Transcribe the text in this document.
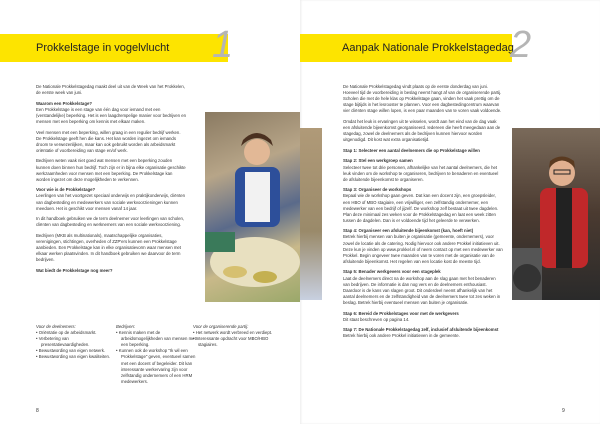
Prokkelstage in vogelvlucht 1

De Nationale Prokkelstagedag maakt deel uit van de Week van het Prokkelen, de eerste week van juni.

Waarom een Prokkelstage?

Een Prokkelstage is een stage van één dag voor iemand met een (verstandelijke) beperking. Het is een laagdrempelige manier voor bedrijven en mensen met een beperking om kennis met elkaar maken.

Veel mensen met een beperking, willen graag in een regulier bedrijf werken. De Prokkelstage geeft hen die kans. Het kan worden ingezet om iemands droom te verwezenlijken, maar kan ook gebruikt worden als arbeidsmarkt oriëntatie of voorbereiding van stage en/of werk.

Bedrijven weten vaak niet goed wat mensen met een beperking zouden kunnen doen binnen hun bedrijf. Toch zijn er in bijna elke organisatie geschikte werkzaamheden voor mensen met een beperking. De Prokkelstage kan worden ingezet om deze mogelijkheden te verkennen.

Voor wie is de Prokkelstage?

Leerlingen van het voortgezet speciaal onderwijs en praktijkonderwijs, cliënten van dagbesteding en medewerkers van sociale werkvoorzieningen kunnen meedoen. Het is geschikt voor mensen vanaf 14 jaar.

In dit handboek gebruiken we de term deelnemer voor leerlingen van scholen, cliënten van dagbesteding en werknemers van een sociale werkvoorziening.

Bedrijven (MKB als multinationals), maatschappelijke organisaties, verenigingen, stichtingen, overheden of ZZP'ers kunnen een Prokkelstage aanbieden. Een Prokkelstage kan in elke organisatievorm waar mensen met elkaar werken plaatsvinden. In dit handboek gebruiken we daarvoor de term bedrijven.

Wat biedt de Prokkelstage nog meer?
Voor de deelnemers:
• Oriëntatie op de arbeidsmarkt.
• Verbetering van presentatievaardigheden.
• Bewustwording van eigen netwerk.
• Bewustwording van eigen kwaliteiten.
Bedrijven:
• Kennis maken met de arbeidsmogelijkheden van mensen met een beperking.
• Kunnen ook de workshop "Ik wil een Prokkelstage" geven, eventueel samen met een docent of begeleider. Dit kan interessante werkervaring zijn voor zelfstandig ondernemers of een HRM medewerkers.
Voor de organiserende partij:
• Het netwerk wordt verbreed en verdiept.
• Interessante opdracht voor MBO/HBO stagiaires.
8
Aanpak Nationale Prokkelstagedag
2

De Nationale Prokkelstagedag vindt plaats op de eerste donderdag van juni. Hoeveel tijd de voorbereiding in beslag neemt hangt af van de organiserende partij. Scholen die met de hele klas op Prokkelstage gaan, vinden het vaak prettig om de stage bijtijds in het lesrooster te plannen. Voor een dagbestedingcentrum waarvan vier cliënten stage willen lopen, is een paar maanden van te voren vaak voldoende.

Omdat het leuk is ervaringen uit te wisselen, wordt aan het eind van de dag vaak een afsluitende bijeenkomst georganiseerd. Iedereen die heeft meegedaan aan de stagedag, zowel de deelnemers als de bedrijven kunnen hiervoor worden uitgenodigd. Dit kost wat extra organisatietijd.

Stap 1: Selecteer een aantal deelnemers die op Prokkelstage willen

Stap 2: Stel een werkgroep samen

Selecteer twee tot drie personen, afhankelijke van het aantal deelnemers, die het leuk vinden om de workshop te organiseren, bedrijven te benaderen en eventueel de afsluitende bijeenkomst te organiseren.

Stap 3: Organiseer de workshops

Bepaal wie de workshop gaan geven. Dat kan een docent zijn, een groepsleider, een HBO of MBO stagiaire, een vrijwilliger, een zelfstandig ondernemer, een medewerker van een bedrijf of jijzelf. De workshop zelf bestaat uit twee dagdelen. Plan deze minimaal zes weken voor de Prokkelstagedag en laat een week zitten tussen de dagdelen. Dan is er voldoende tijd het geleerde te verwerken.

Stap 4: Organiseer een afsluitende bijeenkomst (kan, hoeft niet)

Betrek hierbij mensen van buiten je organisatie (gemeente, ondernemers), voor zowel de locatie als de catering. Nodig hiervoor ook andere Prokkel initiatieven uit. Deze kun je vinden op www.prokkel.nl of neem contact op met een medewerker van Prokkel. Begin ongeveer twee maanden van te voren met de organisatie van de afsluitende bijeenkomst. Het regelen van een locatie kost de meeste tijd.

Stap 5: Benader werkgevers voor een stageplek

Laat de deelnemers direct na de workshop aan de slag gaan met het benaderen van bedrijven. De informatie is dan nog vers en de deelnemers enthousiast. Daardoor is de kans van slagen groot. Dit onderdeel neemt afhankelijk van het aantal deelnemers en de zelfstandigheid van de deelnemers twee tot zes weken in beslag. Betrek hierbij eventueel mensen van buiten je organisatie.

Stap 6: Bereid de Prokkelstages voor met de werkgevers

Dit staat beschreven op pagina 14.

Stap 7: De Nationale Prokkelstagedag zelf, inclusief afsluitende bijeenkomst

Betrek hierbij ook andere Prokkel initiatieven in de gemeente.

9
